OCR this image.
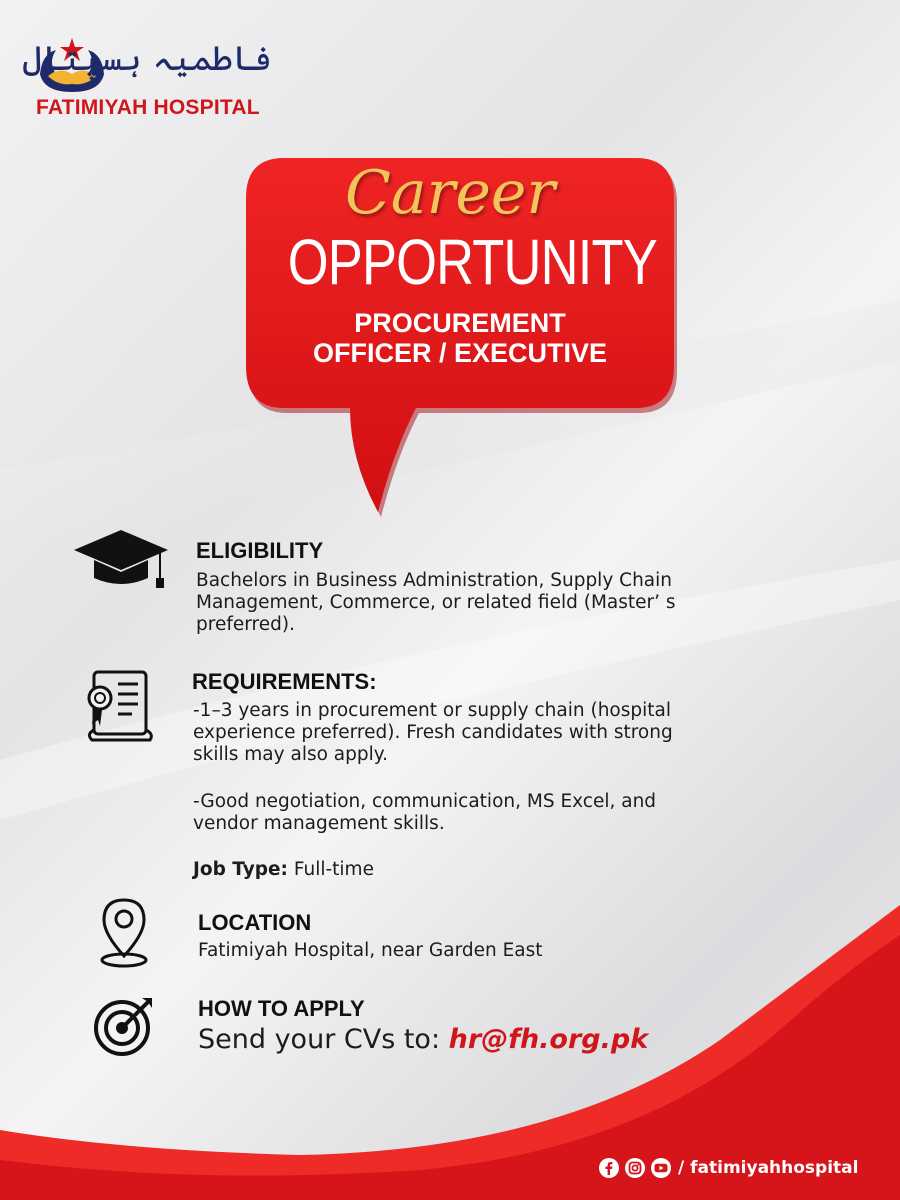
فاطمیہ ہسپتال
FATIMIYAH HOSPITAL
Career
OPPORTUNITY
PROCUREMENT
OFFICER / EXECUTIVE
ELIGIBILITY
Bachelors in Business Administration, Supply Chain
Management, Commerce, or related field (Master’ s
preferred).
REQUIREMENTS:
-1–3 years in procurement or supply chain (hospital
experience preferred). Fresh candidates with strong
skills may also apply.
-Good negotiation, communication, MS Excel, and
vendor management skills.
Job Type: Full-time
LOCATION
Fatimiyah Hospital, near Garden East
HOW TO APPLY
Send your CVs to: hr@fh.org.pk
/ fatimiyahhospital
